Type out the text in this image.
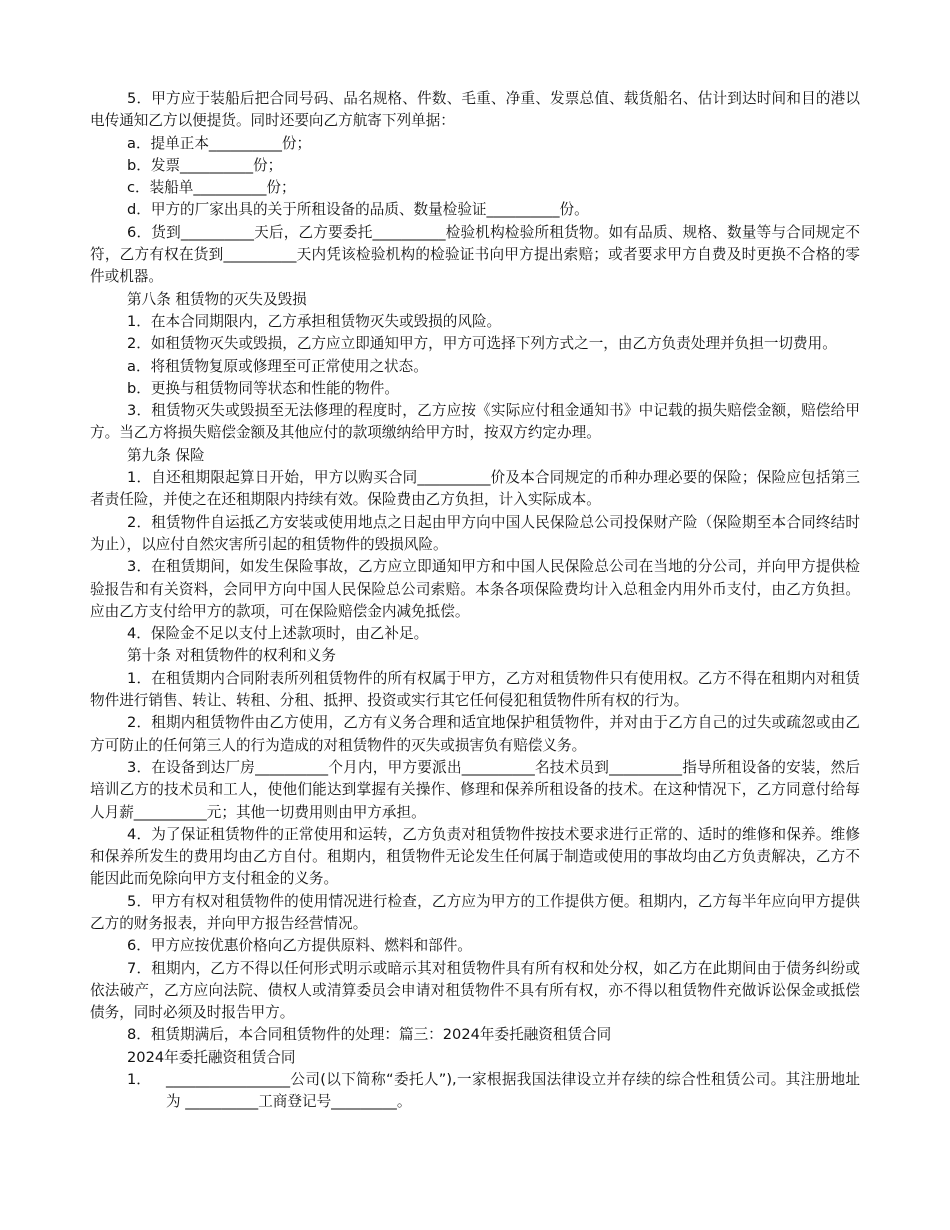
5．甲方应于装船后把合同号码、品名规格、件数、毛重、净重、发票总值、载货船名、估计到达时间和目的港以电传通知乙方以便提货。同时还要向乙方航寄下列单据：

a．提单正本__________份；

b．发票__________份；

c．装船单__________份；

d．甲方的厂家出具的关于所租设备的品质、数量检验证__________份。

6．货到__________天后，乙方要委托__________检验机构检验所租货物。如有品质、规格、数量等与合同规定不符，乙方有权在货到__________天内凭该检验机构的检验证书向甲方提出索赔；或者要求甲方自费及时更换不合格的零件或机器。

第八条 租赁物的灭失及毁损

1．在本合同期限内，乙方承担租赁物灭失或毁损的风险。

2．如租赁物灭失或毁损，乙方应立即通知甲方，甲方可选择下列方式之一，由乙方负责处理并负担一切费用。

a．将租赁物复原或修理至可正常使用之状态。

b．更换与租赁物同等状态和性能的物件。

3．租赁物灭失或毁损至无法修理的程度时，乙方应按《实际应付租金通知书》中记载的损失赔偿金额，赔偿给甲方。当乙方将损失赔偿金额及其他应付的款项缴纳给甲方时，按双方约定办理。

第九条 保险

1．自还租期限起算日开始，甲方以购买合同__________价及本合同规定的币种办理必要的保险；保险应包括第三者责任险，并使之在还租期限内持续有效。保险费由乙方负担，计入实际成本。

2．租赁物件自运抵乙方安装或使用地点之日起由甲方向中国人民保险总公司投保财产险（保险期至本合同终结时为止），以应付自然灾害所引起的租赁物件的毁损风险。

3．在租赁期间，如发生保险事故，乙方应立即通知甲方和中国人民保险总公司在当地的分公司，并向甲方提供检验报告和有关资料，会同甲方向中国人民保险总公司索赔。本条各项保险费均计入总租金内用外币支付，由乙方负担。应由乙方支付给甲方的款项，可在保险赔偿金内减免抵偿。

4．保险金不足以支付上述款项时，由乙补足。

第十条 对租赁物件的权利和义务

1．在租赁期内合同附表所列租赁物件的所有权属于甲方，乙方对租赁物件只有使用权。乙方不得在租期内对租赁物件进行销售、转让、转租、分租、抵押、投资或实行其它任何侵犯租赁物件所有权的行为。

2．租期内租赁物件由乙方使用，乙方有义务合理和适宜地保护租赁物件，并对由于乙方自己的过失或疏忽或由乙方可防止的任何第三人的行为造成的对租赁物件的灭失或损害负有赔偿义务。

3．在设备到达厂房__________个月内，甲方要派出__________名技术员到__________指导所租设备的安装，然后培训乙方的技术员和工人，使他们能达到掌握有关操作、修理和保养所租设备的技术。在这种情况下，乙方同意付给每人月薪__________元；其他一切费用则由甲方承担。

4．为了保证租赁物件的正常使用和运转，乙方负责对租赁物件按技术要求进行正常的、适时的维修和保养。维修和保养所发生的费用均由乙方自付。租期内，租赁物件无论发生任何属于制造或使用的事故均由乙方负责解决，乙方不能因此而免除向甲方支付租金的义务。

5．甲方有权对租赁物件的使用情况进行检查，乙方应为甲方的工作提供方便。租期内，乙方每半年应向甲方提供乙方的财务报表，并向甲方报告经营情况。

6．甲方应按优惠价格向乙方提供原料、燃料和部件。

7．租期内，乙方不得以任何形式明示或暗示其对租赁物件具有所有权和处分权，如乙方在此期间由于债务纠纷或依法破产，乙方应向法院、债权人或清算委员会申请对租赁物件不具有所有权，亦不得以租赁物件充做诉讼保金或抵偿债务，同时必须及时报告甲方。

8．租赁期满后，本合同租赁物件的处理：篇三：2024年委托融资租赁合同

2024年委托融资租赁合同

1．	_________________公司(以下简称“委托人”),一家根据我国法律设立并存续的综合性租赁公司。其注册地址为 __________工商登记号_________。
